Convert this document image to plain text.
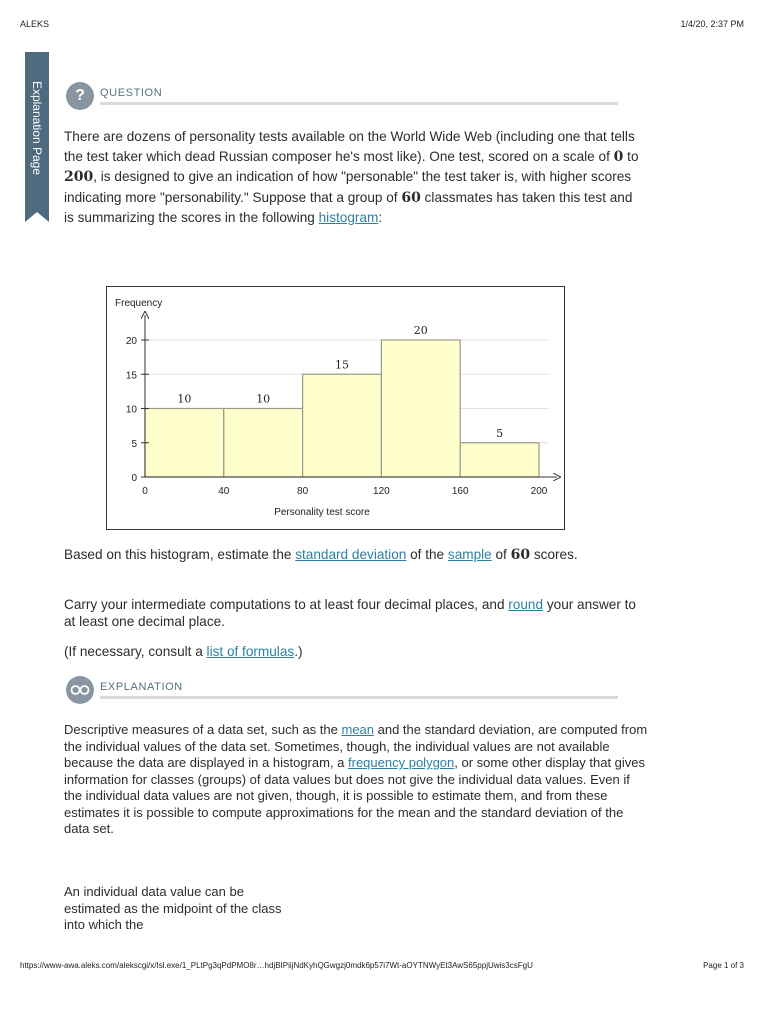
ALEKS	1/4/20, 2:37 PM
Explanation Page	?	QUESTION
There are dozens of personality tests available on the World Wide Web (including one that tells the test taker which dead Russian composer he's most like). One test, scored on a scale of 0 to 200, is designed to give an indication of how "personable" the test taker is, with higher scores indicating more "personability." Suppose that a group of 60 classmates has taken this test and is summarizing the scores in the following histogram:
Frequency
Personality test score
10	10
15
20
5
0
5
10
15
20
0	40	80	120	160	200
Based on this histogram, estimate the standard deviation of the sample of 60 scores.
Carry your intermediate computations to at least four decimal places, and round your answer to at least one decimal place.
(If necessary, consult a list of formulas.)
EXPLANATION
Descriptive measures of a data set, such as the mean and the standard deviation, are computed from the individual values of the data set. Sometimes, though, the individual values are not available because the data are displayed in a histogram, a frequency polygon, or some other display that gives information for classes (groups) of data values but does not give the individual data values. Even if the individual data values are not given, though, it is possible to estimate them, and from these estimates it is possible to compute approximations for the mean and the standard deviation of the data set.
An individual data value can be estimated as the midpoint of the class into which the
https://www-awa.aleks.com/alekscgi/x/Isl.exe/1_PLtPg3qPdPMO8r…hdjBIPiijNdKyhQGwgzj0mdk6p57i7Wt-aOYTNWyEt3AwS65ppjUwis3csFgU	Page 1 of 3
